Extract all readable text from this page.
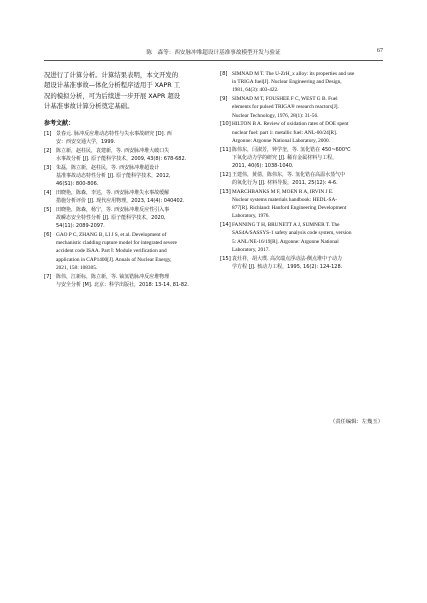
陈　森等：西安脉冲堆超设计基准事故模型开发与验证	67
况进行了计算分析。计算结果表明，本文开发的
超设计基准事故—体化分析程序适用于 XAPR 工
况的模拟分析，可为后续进一步开展 XAPR 超设
计基准事故计算分析奠定基础。
参考文献：
[1] 景春元. 脉冲反应堆动态特性与失水事故研究 [D]. 西
安：西安交通大学，1999.
[2] 陈立新，赵柱民，袁建新，等. 西安脉冲堆大破口失
水事故分析 [J]. 原子能科学技术，2009, 43(8): 678-682.
[3] 朱磊，陈立新，赵柱民，等. 西安脉冲堆超设计
基准事故动态特性分析 [J]. 原子能科学技术，2012,
46(S1): 800-806.
[4] 田晓艳，陈森，李达，等. 西安脉冲堆失水事故缓解
措施分析评价 [J]. 现代应用物理，2023, 14(4): 040402.
[5] 田晓艳，陈森，杨宁，等. 西安脉冲堆反应性引入事
故瞬态安全特性分析 [J]. 原子能科学技术，2020,
54(11): 2089-2097.
[6] GAO P C, ZHANG B, LI J S, et al. Development of
mechanistic cladding rupture model for integrated severe
accident code ISAA. Part Ⅰ: Module verification and
application in CAP1400[J]. Annals of Nuclear Energy,
2021, 158: 108305.
[7] 陈伟，江新标，陈立新，等. 铀氢锆脉冲反应堆物理
与安全分析 [M]. 北京：科学出版社，2018: 13-14, 81-82.
[8] SIMNAD M T. The U-ZrH_x alloy: its properties and use
in TRIGA fuel[J]. Nuclear Engineering and Design,
1981, 64(3): 403-422.
[9] SIMNAD M T, FOUSHEE F C, WEST G B. Fuel
elements for pulsed TRIGA® research reactors[J].
Nuclear Technology, 1976, 28(1): 31-56.
[10] HILTON B A. Review of oxidation rates of DOE spent
nuclear fuel: part 1: metallic fuel: ANL-00/24[R].
Argonne: Argonne National Laboratory, 2000.
[11] 陈伟东，闫淑芳，钟学奎，等. 氢化锆在 450~600℃
下氧化动力学的研究 [J]. 稀有金属材料与工程，
2011, 40(6): 1038-1040.
[12] 王建伟，黄倩，陈伟东，等. 氢化锆在高温水蒸气中
的氧化行为 [J]. 材料导报，2011, 25(12): 4-6.
[13] MARCHBANKS M F, MOEN R A, IRVIN J E.
Nuclear systems materials handbook: HEDL-SA-
877[R]. Richland: Hanford Engineering Development
Laboratory, 1976.
[14] FANNING T H, BRUNETT A J, SUMNER T. The
SAS4A/SASSYS-1 safety analysis code system, version
5: ANL/NE-16/19[R]. Argonne: Argonne National
Laboratory, 2017.
[15] 袁灶祥，胡大璞. 高次端点浮动法-侧点堆中子动力
学方程 [J]. 核动力工程，1995, 16(2): 124-128.
（责任编辑：左幾玉）
